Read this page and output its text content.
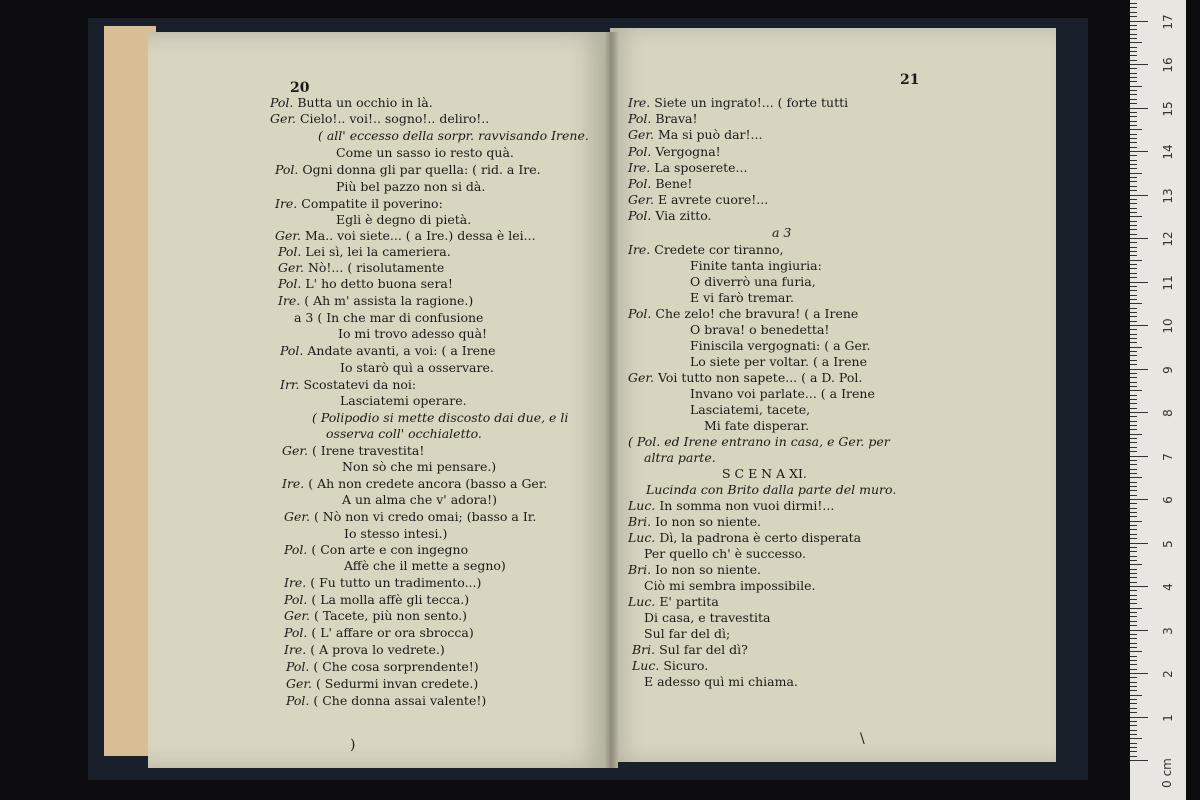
20	21
Pol. Butta un occhio in là.
Ger. Cielo!.. voi!.. sogno!.. deliro!..
( all' eccesso della sorpr. ravvisando Irene.
Come un sasso io resto quà.
Pol. Ogni donna gli par quella: ( rid. a Ire.
Più bel pazzo non si dà.
Ire. Compatite il poverino:
Egli è degno di pietà.
Ger. Ma.. voi siete... ( a Ire.) dessa è lei...
Pol. Lei sì, lei la cameriera.
Ger. Nò!... ( risolutamente
Pol. L' ho detto buona sera!
Ire. ( Ah m' assista la ragione.)
a 3 ( In che mar di confusione
Io mi trovo adesso quà!
Pol. Andate avanti, a voi: ( a Irene
Io starò quì a osservare.
Irr. Scostatevi da noi:
Lasciatemi operare.
( Polipodio si mette discosto dai due, e li
osserva coll' occhialetto.
Ger. ( Irene travestita!
Non sò che mi pensare.)
Ire. ( Ah non credete ancora (basso a Ger.
A un alma che v' adora!)
Ger. ( Nò non vi credo omai; (basso a Ir.
Io stesso intesi.)
Pol. ( Con arte e con ingegno
Affè che il mette a segno)
Ire. ( Fu tutto un tradimento...)
Pol. ( La molla affè gli tecca.)
Ger. ( Tacete, più non sento.)
Pol. ( L' affare or ora sbrocca)
Ire. ( A prova lo vedrete.)
Pol. ( Che cosa sorprendente!)
Ger. ( Sedurmi invan credete.)
Pol. ( Che donna assai valente!)
Ire. Siete un ingrato!... ( forte tutti
Pol. Brava!
Ger. Ma si può dar!...
Pol. Vergogna!
Ire. La sposerete...
Pol. Bene!
Ger. E avrete cuore!...
Pol. Via zitto.
a 3
Ire. Credete cor tiranno,
Finite tanta ingiuria:
O diverrò una furia,
E vi farò tremar.
Pol. Che zelo! che bravura! ( a Irene
O brava! o benedetta!
Finiscila vergognati: ( a Ger.
Lo siete per voltar. ( a Irene
Ger. Voi tutto non sapete... ( a D. Pol.
Invano voi parlate... ( a Irene
Lasciatemi, tacete,
Mi fate disperar.
( Pol. ed Irene entrano in casa, e Ger. per
altra parte.
S C E N A XI.
Lucinda con Brito dalla parte del muro.
Luc. In somma non vuoi dirmi!...
Bri. Io non so niente.
Luc. Dì, la padrona è certo disperata
Per quello ch' è successo.
Bri. Io non so niente.
Ciò mi sembra impossibile.
Luc. E' partita
Di casa, e travestita
Sul far del dì;
Bri. Sul far del dì?
Luc. Sicuro.
E adesso quì mi chiama.
)	\
0 cm
1
2
3
4
5
6
7
8
9
10
11
12
13
14
15
16
17
